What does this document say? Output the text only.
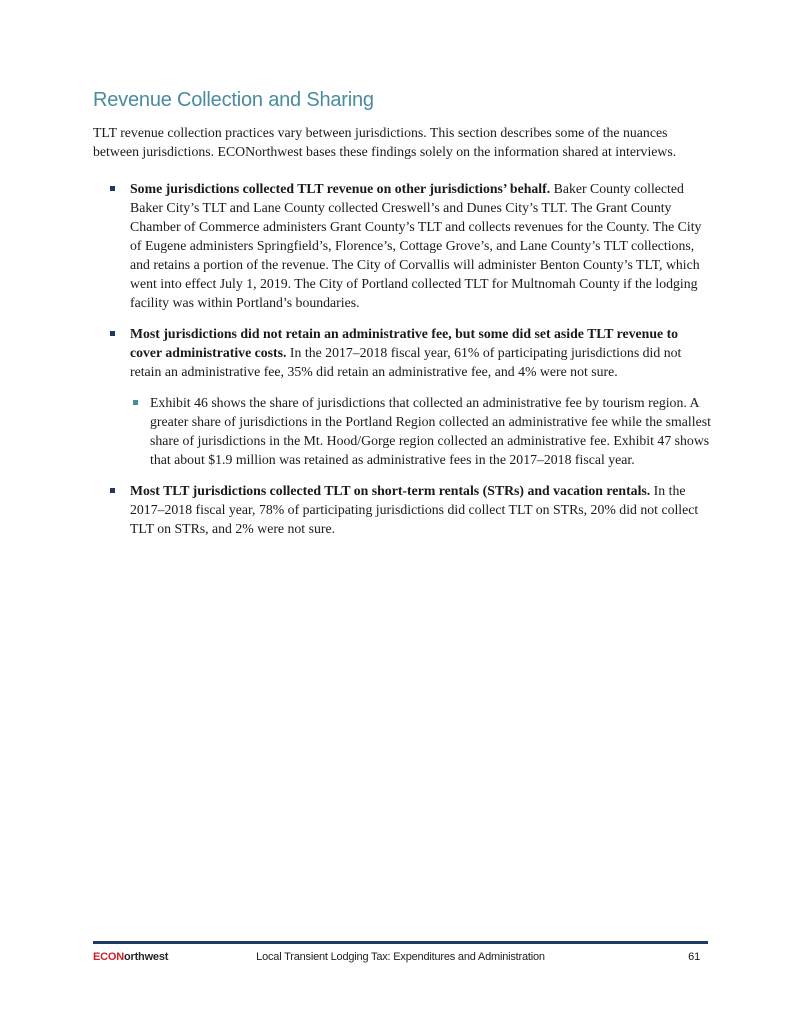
Revenue Collection and Sharing

TLT revenue collection practices vary between jurisdictions. This section describes some of the nuances between jurisdictions. ECONorthwest bases these findings solely on the information shared at interviews.

Some jurisdictions collected TLT revenue on other jurisdictions’ behalf. Baker County collected Baker City’s TLT and Lane County collected Creswell’s and Dunes City’s TLT. The Grant County Chamber of Commerce administers Grant County’s TLT and collects revenues for the County. The City of Eugene administers Springfield’s, Florence’s, Cottage Grove’s, and Lane County’s TLT collections, and retains a portion of the revenue. The City of Corvallis will administer Benton County’s TLT, which went into effect July 1, 2019. The City of Portland collected TLT for Multnomah County if the lodging facility was within Portland’s boundaries.
Most jurisdictions did not retain an administrative fee, but some did set aside TLT revenue to cover administrative costs. In the 2017–2018 fiscal year, 61% of participating jurisdictions did not retain an administrative fee, 35% did retain an administrative fee, and 4% were not sure.
Exhibit 46 shows the share of jurisdictions that collected an administrative fee by tourism region. A greater share of jurisdictions in the Portland Region collected an administrative fee while the smallest share of jurisdictions in the Mt. Hood/Gorge region collected an administrative fee. Exhibit 47 shows that about $1.9 million was retained as administrative fees in the 2017–2018 fiscal year.
Most TLT jurisdictions collected TLT on short-term rentals (STRs) and vacation rentals. In the 2017–2018 fiscal year, 78% of participating jurisdictions did collect TLT on STRs, 20% did not collect TLT on STRs, and 2% were not sure.
ECONorthwest	Local Transient Lodging Tax: Expenditures and Administration	61
